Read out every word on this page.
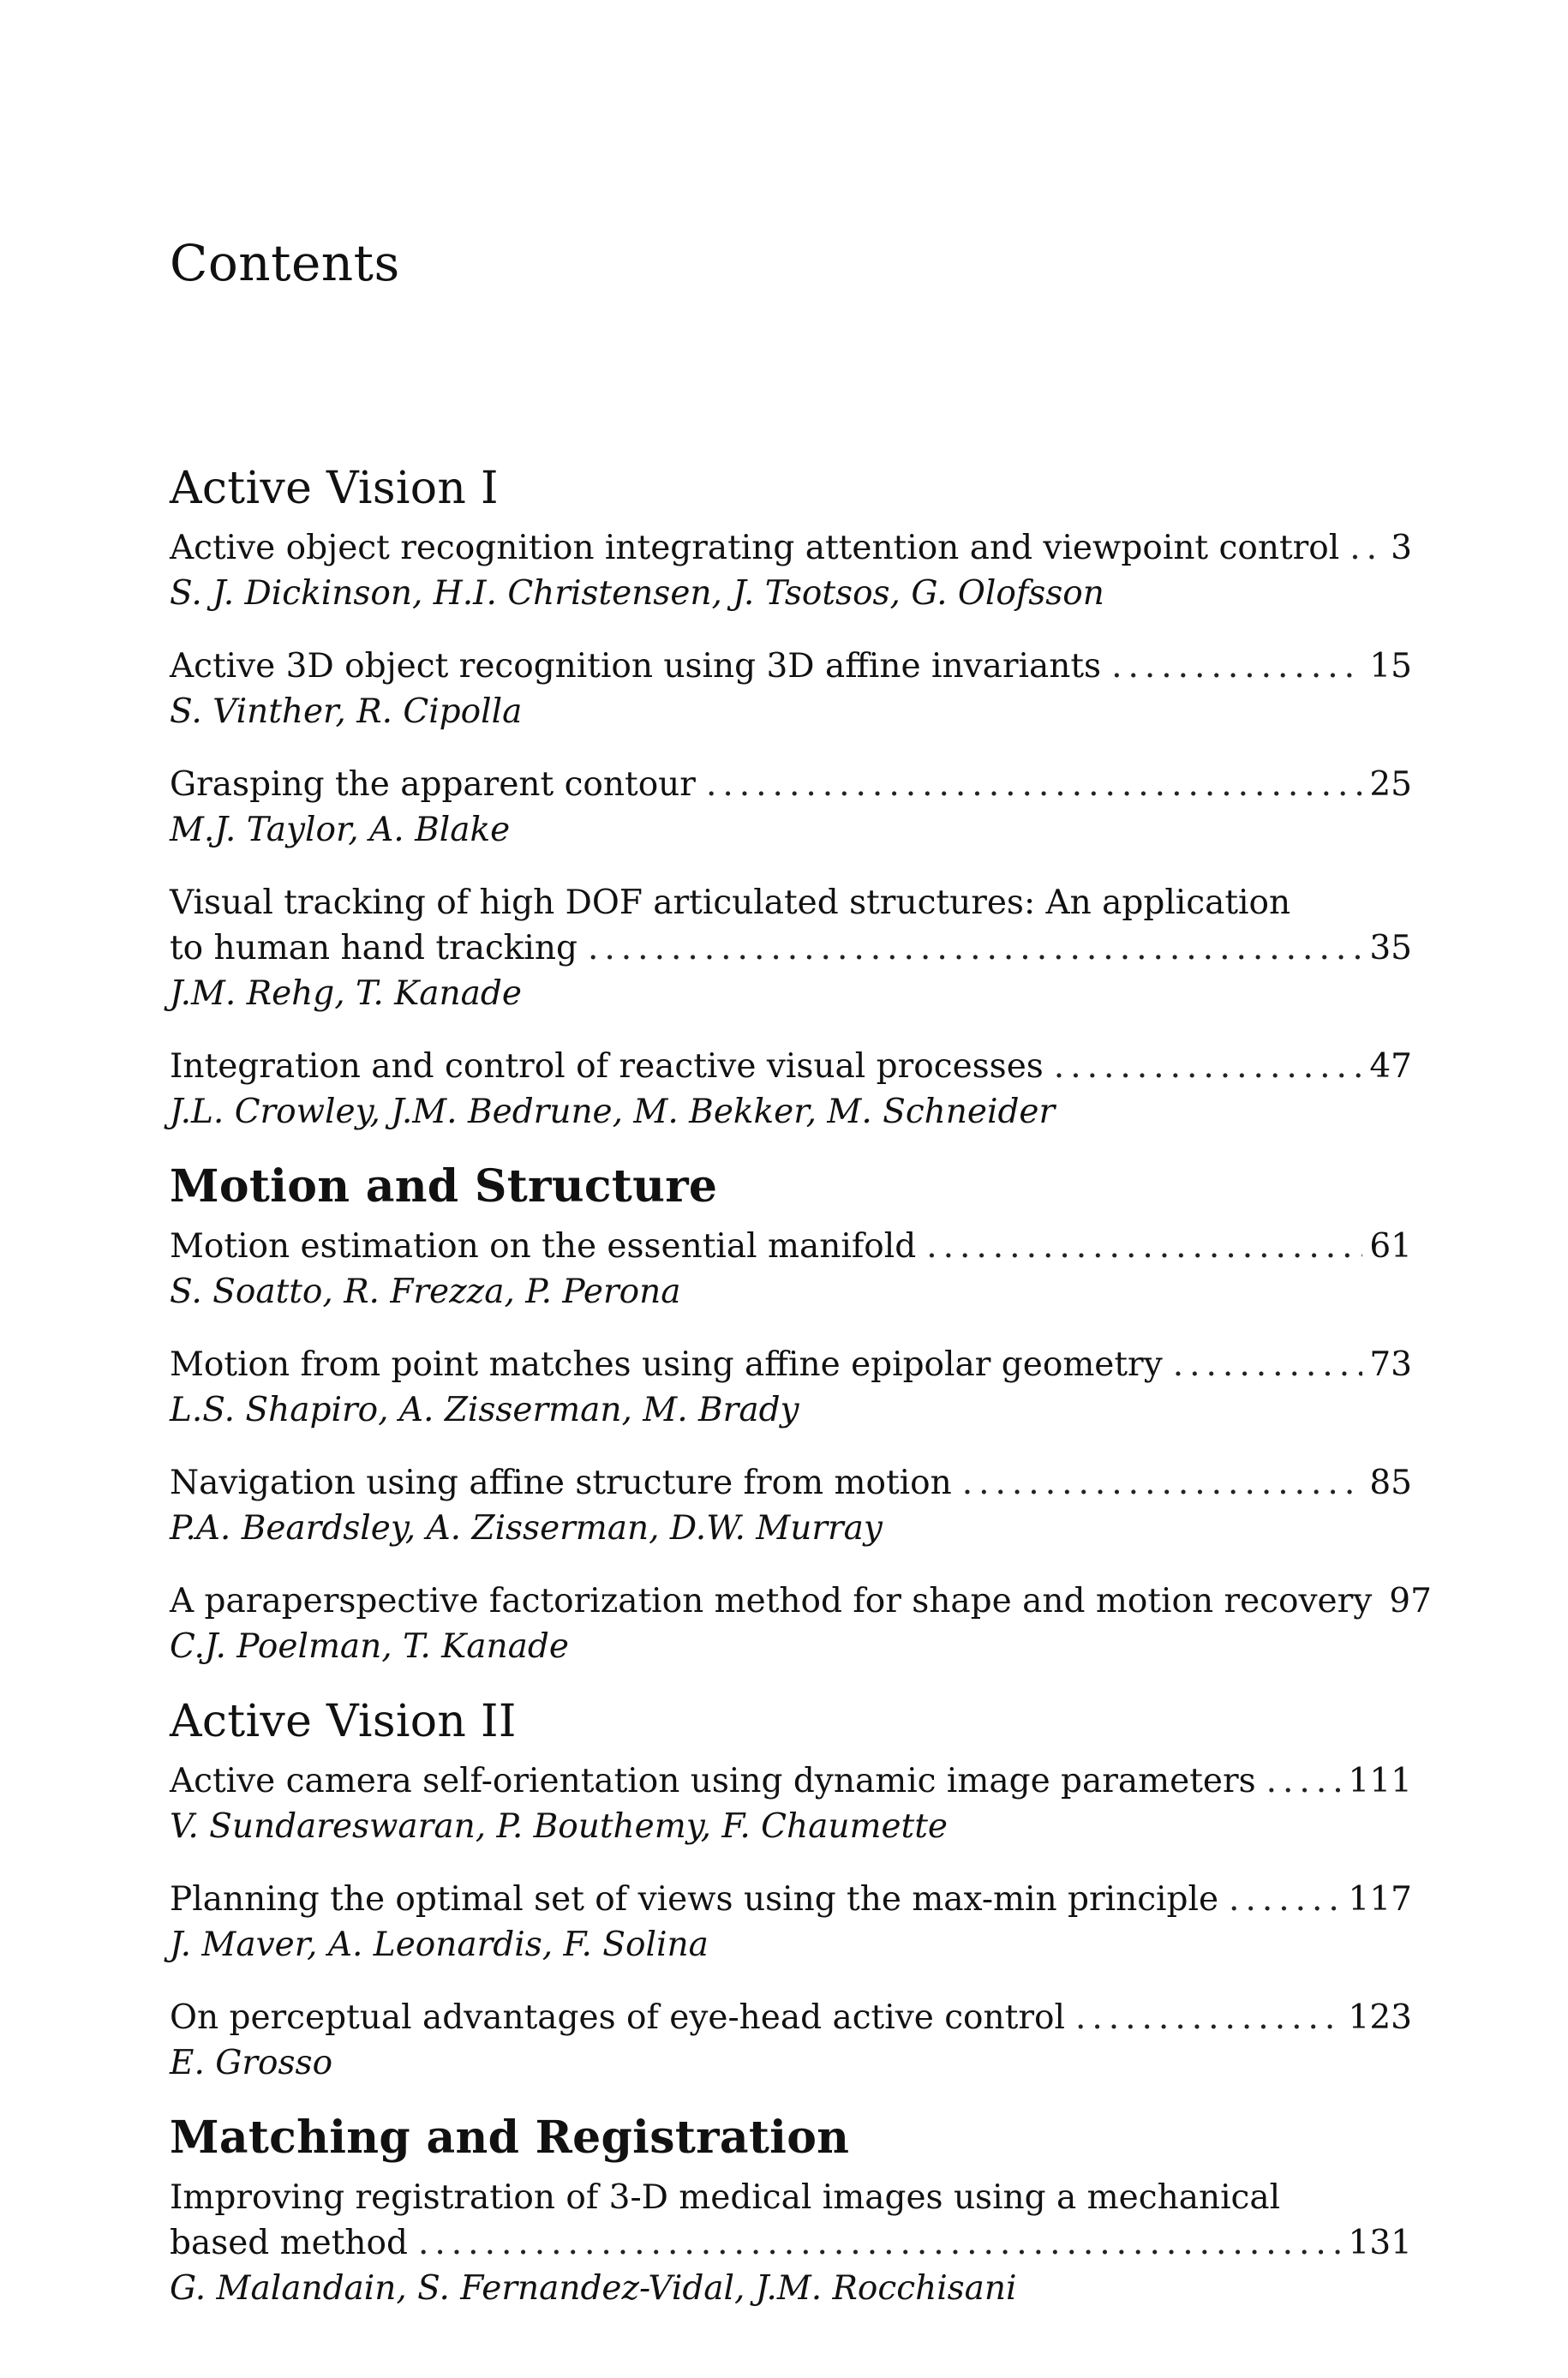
Contents
Active Vision I
Active object recognition integrating attention and viewpoint control ..... 3
S. J. Dickinson, H.I. Christensen, J. Tsotsos, G. Olofsson
Active 3D object recognition using 3D affine invariants .....	15
S. Vinther, R. Cipolla
Grasping the apparent contour .....	25
M.J. Taylor, A. Blake
Visual tracking of high DOF articulated structures: An application
to human hand tracking .....	35
J.M. Rehg, T. Kanade
Integration and control of reactive visual processes .....	47
J.L. Crowley, J.M. Bedrune, M. Bekker, M. Schneider
Motion and Structure
Motion estimation on the essential manifold .....	61
S. Soatto, R. Frezza, P. Perona
Motion from point matches using affine epipolar geometry .....	73
L.S. Shapiro, A. Zisserman, M. Brady
Navigation using affine structure from motion .....	85
P.A. Beardsley, A. Zisserman, D.W. Murray
A paraperspective factorization method for shape and motion recovery 97
C.J. Poelman, T. Kanade
Active Vision II
Active camera self-orientation using dynamic image parameters .....	111
V. Sundareswaran, P. Bouthemy, F. Chaumette
Planning the optimal set of views using the max-min principle .....	117
J. Maver, A. Leonardis, F. Solina
On perceptual advantages of eye-head active control .....	123
E. Grosso
Matching and Registration
Improving registration of 3-D medical images using a mechanical
based method .....	131
G. Malandain, S. Fernandez-Vidal, J.M. Rocchisani
